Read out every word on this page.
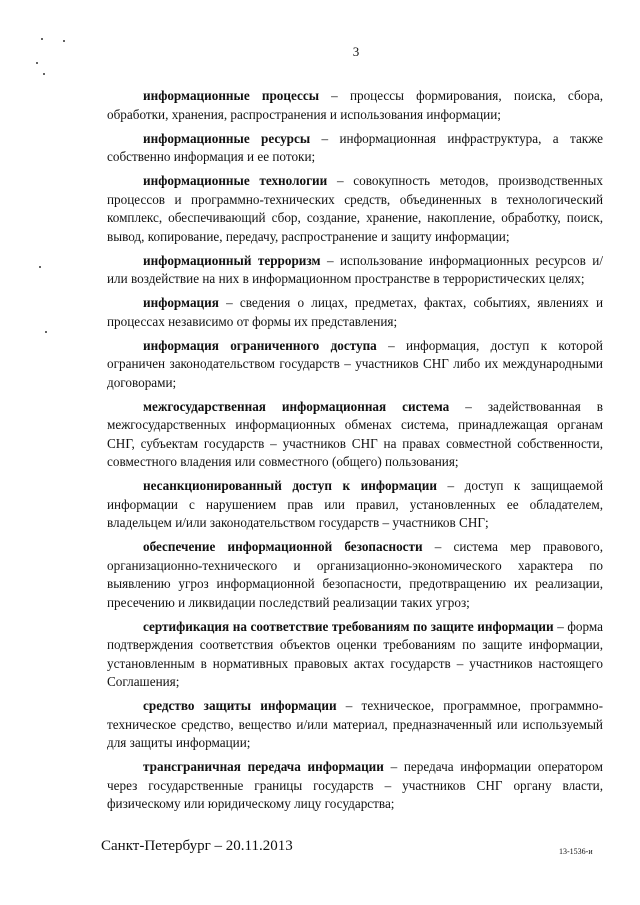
3

информационные процессы – процессы формирования, поиска, сбора, обработки, хранения, распространения и использования информации;

информационные ресурсы – информационная инфраструктура, а также собственно информация и ее потоки;

информационные технологии – совокупность методов, производственных процессов и программно-технических средств, объединенных в технологический комплекс, обеспечивающий сбор, создание, хранение, накопление, обработку, поиск, вывод, копирование, передачу, распространение и защиту информации;

информационный терроризм – использование информационных ресурсов и/или воздействие на них в информационном пространстве в террористических целях;

информация – сведения о лицах, предметах, фактах, событиях, явлениях и процессах независимо от формы их представления;

информация ограниченного доступа – информация, доступ к которой ограничен законодательством государств – участников СНГ либо их международными договорами;

межгосударственная информационная система – задействованная в межгосударственных информационных обменах система, принадлежащая органам СНГ, субъектам государств – участников СНГ на правах совместной собственности, совместного владения или совместного (общего) пользования;

несанкционированный доступ к информации – доступ к защищаемой информации с нарушением прав или правил, установленных ее обладателем, владельцем и/или законодательством государств – участников СНГ;

обеспечение информационной безопасности – система мер правового, организационно-технического и организационно-экономического характера по выявлению угроз информационной безопасности, предотвращению их реализации, пресечению и ликвидации последствий реализации таких угроз;

сертификация на соответствие требованиям по защите информации – форма подтверждения соответствия объектов оценки требованиям по защите информации, установленным в нормативных правовых актах государств – участников настоящего Соглашения;

средство защиты информации – техническое, программное, программно-техническое средство, вещество и/или материал, предназначенный или используемый для защиты информации;

трансграничная передача информации – передача информации оператором через государственные границы государств – участников СНГ органу власти, физическому или юридическому лицу государства;

Санкт-Петербург – 20.11.2013	13-1536-и
